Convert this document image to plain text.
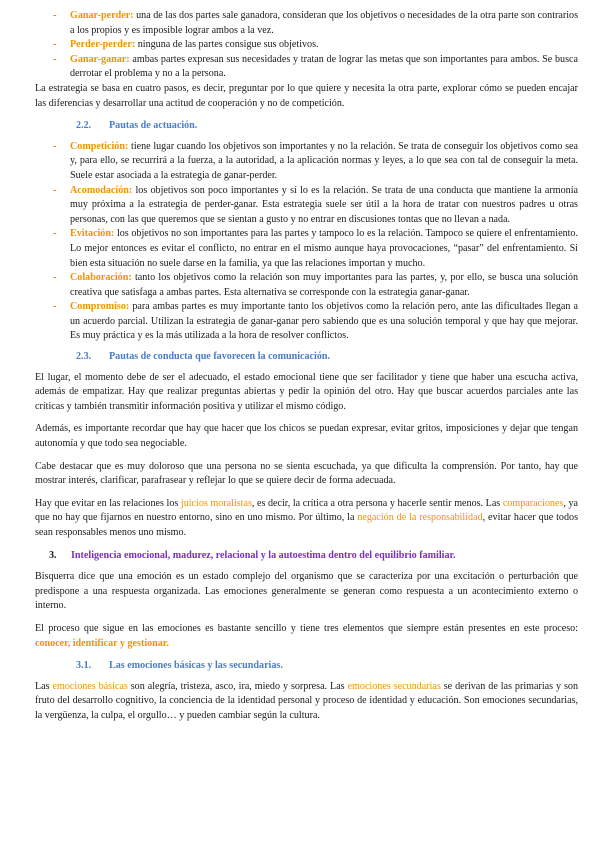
- Ganar-perder: una de las dos partes sale ganadora, consideran que los objetivos o necesidades de la otra parte son contrarios a los propios y es imposible lograr ambos a la vez.
- Perder-perder: ninguna de las partes consigue sus objetivos.
- Ganar-ganar: ambas partes expresan sus necesidades y tratan de lograr las metas que son importantes para ambos. Se busca derrotar el problema y no a la persona.

La estrategia se basa en cuatro pasos, es decir, preguntar por lo que quiere y necesita la otra parte, explorar cómo se pueden encajar las diferencias y desarrollar una actitud de cooperación y no de competición.

2.2. Pautas de actuación.
- Competición: tiene lugar cuando los objetivos son importantes y no la relación. Se trata de conseguir los objetivos como sea y, para ello, se recurrirá a la fuerza, a la autoridad, a la aplicación normas y leyes, a lo que sea con tal de conseguir la meta. Suele estar asociada a la estrategia de ganar-perder.
- Acomodación: los objetivos son poco importantes y sí lo es la relación. Se trata de una conducta que mantiene la armonía muy próxima a la estrategia de perder-ganar. Esta estrategia suele ser útil a la hora de tratar con nuestros padres u otras personas, con las que queremos que se sientan a gusto y no entrar en discusiones tontas que no llevan a nada.
- Evitación: los objetivos no son importantes para las partes y tampoco lo es la relación. Tampoco se quiere el enfrentamiento. Lo mejor entonces es evitar el conflicto, no entrar en el mismo aunque haya provocaciones, “pasar” del enfrentamiento. Si bien esta situación no suele darse en la familia, ya que las relaciones importan y mucho.
- Colaboración: tanto los objetivos como la relación son muy importantes para las partes, y, por ello, se busca una solución creativa que satisfaga a ambas partes. Esta alternativa se corresponde con la estrategia ganar-ganar.
- Compromiso: para ambas partes es muy importante tanto los objetivos como la relación pero, ante las dificultades llegan a un acuerdo parcial. Utilizan la estrategia de ganar-ganar pero sabiendo que es una solución temporal y que hay que mejorar. Es muy práctica y es la más utilizada a la hora de resolver conflictos.
2.3. Pautas de conducta que favorecen la comunicación.

El lugar, el momento debe de ser el adecuado, el estado emocional tiene que ser facilitador y tiene que haber una escucha activa, además de empatizar. Hay que realizar preguntas abiertas y pedir la opinión del otro. Hay que buscar acuerdos parciales ante las críticas y también transmitir información positiva y utilizar el mismo código.

Además, es importante recordar que hay que hacer que los chicos se puedan expresar, evitar gritos, imposiciones y dejar que tengan autonomía y que todo sea negociable.

Cabe destacar que es muy doloroso que una persona no se sienta escuchada, ya que dificulta la comprensión. Por tanto, hay que mostrar interés, clarificar, parafrasear y reflejar lo que se quiere decir de forma adecuada.

Hay que evitar en las relaciones los juicios moralistas, es decir, la crítica a otra persona y hacerle sentir menos. Las comparaciones, ya que no hay que fijarnos en nuestro entorno, sino en uno mismo. Por último, la negación de la responsabilidad, evitar hacer que todos sean responsables menos uno mismo.

3. Inteligencia emocional, madurez, relacional y la autoestima dentro del equilibrio familiar.

Bisquerra dice que una emoción es un estado complejo del organismo que se caracteriza por una excitación o perturbación que predispone a una respuesta organizada. Las emociones generalmente se generan como respuesta a un acontecimiento externo o interno.

El proceso que sigue en las emociones es bastante sencillo y tiene tres elementos que siempre están presentes en este proceso: conocer, identificar y gestionar.

3.1. Las emociones básicas y las secundarias.

Las emociones básicas son alegría, tristeza, asco, ira, miedo y sorpresa. Las emociones secundarias se derivan de las primarias y son fruto del desarrollo cognitivo, la conciencia de la identidad personal y proceso de identidad y educación. Son emociones secundarias, la vergüenza, la culpa, el orgullo… y pueden cambiar según la cultura.
